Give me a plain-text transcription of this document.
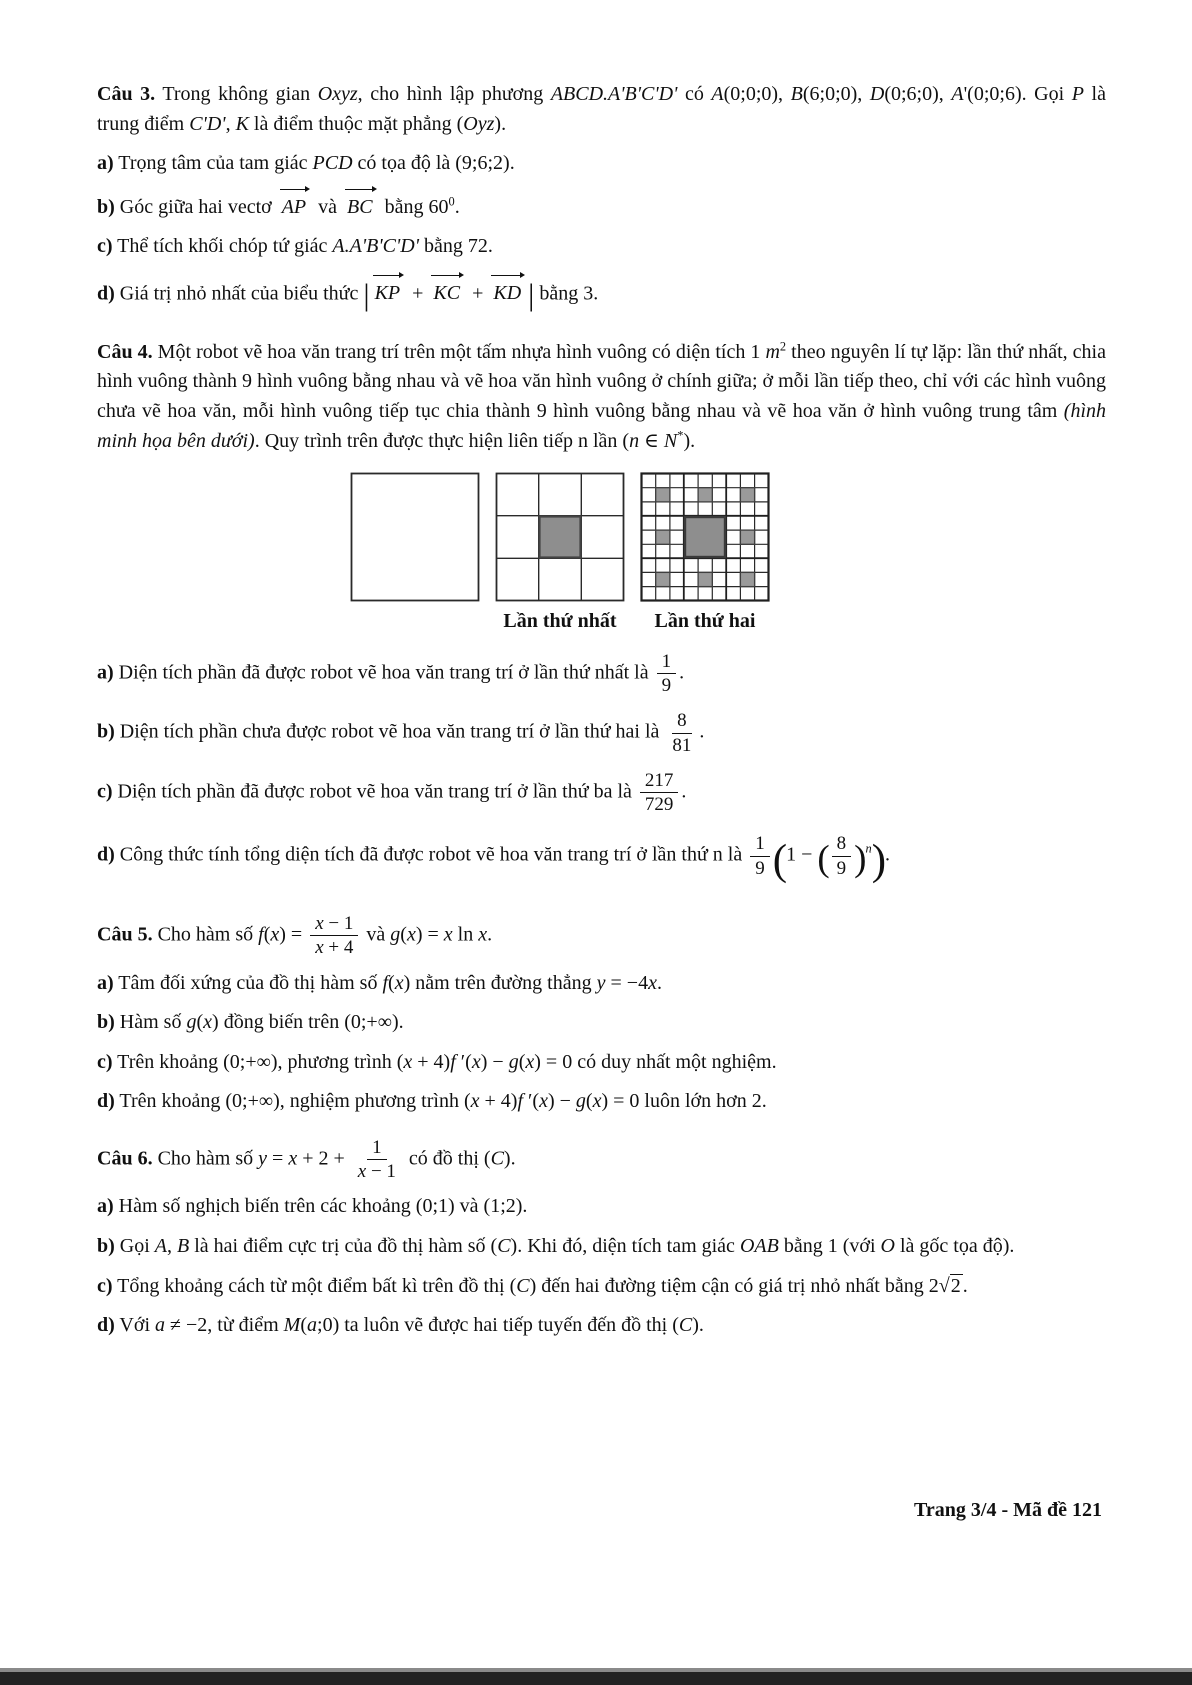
Câu 3. Trong không gian Oxyz, cho hình lập phương ABCD.A'B'C'D' có A(0;0;0), B(6;0;0), D(0;6;0), A'(0;0;6). Gọi P là trung điểm C'D', K là điểm thuộc mặt phẳng (Oyz).

a) Trọng tâm của tam giác PCD có tọa độ là (9;6;2).

b) Góc giữa hai vectơ AP và BC bằng $60^0$.

c) Thể tích khối chóp tứ giác A.A'B'C'D' bằng 72.

d) Giá trị nhỏ nhất của biểu thức | KP + KC + KD | bằng 3.

Câu 4. Một robot vẽ hoa văn trang trí trên một tấm nhựa hình vuông có diện tích 1 $m^2$ theo nguyên lí tự lặp: lần thứ nhất, chia hình vuông thành 9 hình vuông bằng nhau và vẽ hoa văn hình vuông ở chính giữa; ở mỗi lần tiếp theo, chỉ với các hình vuông chưa vẽ hoa văn, mỗi hình vuông tiếp tục chia thành 9 hình vuông bằng nhau và vẽ hoa văn ở hình vuông trung tâm (hình minh họa bên dưới). Quy trình trên được thực hiện liên tiếp n lần (n ∈ N*).

Lần thứ nhất Lần thứ hai

a) Diện tích phần đã được robot vẽ hoa văn trang trí ở lần thứ nhất là $\frac{1}{9}$ .

b) Diện tích phần chưa được robot vẽ hoa văn trang trí ở lần thứ hai là $\frac{8}{81}$ .

c) Diện tích phần đã được robot vẽ hoa văn trang trí ở lần thứ ba là $\frac{217}{729}$ .

d) Công thức tính tổng diện tích đã được robot vẽ hoa văn trang trí ở lần thứ n là $\frac{1}{9} (1$ − ( $\frac{8}{9} )^n$).

Câu 5. Cho hàm số $f(x) = \frac{x - 1}{x + 4}$ và g(x) = x ln x.

a) Tâm đối xứng của đồ thị hàm số f(x) nằm trên đường thẳng y = −4x.

b) Hàm số g(x) đồng biến trên (0;+∞).

c) Trên khoảng (0;+∞), phương trình (x + 4)f ′(x) − g(x) = 0 có duy nhất một nghiệm.

d) Trên khoảng (0;+∞), nghiệm phương trình (x + 4)f ′(x) − g(x) = 0 luôn lớn hơn 2.

Câu 6. Cho hàm số $y = x + 2 + \frac{1}{x - 1}$ có đồ thị (C).

a) Hàm số nghịch biến trên các khoảng (0;1) và (1;2).

b) Gọi A, B là hai điểm cực trị của đồ thị hàm số (C). Khi đó, diện tích tam giác OAB bằng 1 (với O là gốc tọa độ).

c) Tổng khoảng cách từ một điểm bất kì trên đồ thị (C) đến hai đường tiệm cận có giá trị nhỏ nhất bằng 2√2 .

d) Với a ≠ −2, từ điểm M(a;0) ta luôn vẽ được hai tiếp tuyến đến đồ thị (C).

Trang 3/4 - Mã đề 121
